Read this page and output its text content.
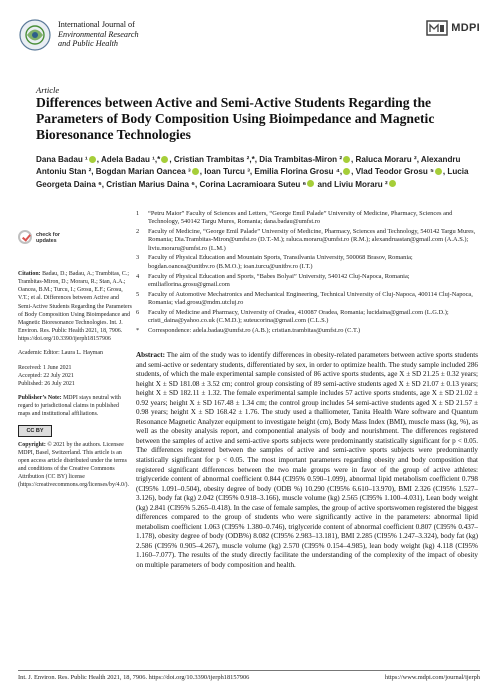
International Journal of
Environmental Research
and Public Health
MDPI
Article
Differences between Active and Semi-Active Students Regarding the Parameters of Body Composition Using Bioimpedance and Magnetic Bioresonance Technologies
Dana Badau ¹ , Adela Badau ¹,* , Cristian Trambitas ²,*, Dia Trambitas-Miron ² , Raluca Moraru ², Alexandru Antoniu Stan ², Bogdan Marian Oancea ³ , Ioan Turcu ³, Emilia Florina Grosu ⁴, , Vlad Teodor Grosu ⁵ , Lucia Georgeta Daina ⁶, Cristian Marius Daina ⁶, Corina Lacramioara Suteu ⁶ and Liviu Moraru ²
check for
updates
Citation: Badau, D.; Badau, A.; Trambitas, C.; Trambitas-Miron, D.; Moraru, R.; Stan, A.A.; Oancea, B.M.; Turcu, I.; Grosu, E.F.; Grosu, V.T.; et al. Differences between Active and Semi-Active Students Regarding the Parameters of Body Composition Using Bioimpedance and Magnetic Bioresonance Technologies. Int. J. Environ. Res. Public Health 2021, 18, 7906. https://doi.org/10.3390/ijerph18157906
Academic Editor: Laura L. Hayman
Received: 1 June 2021
Accepted: 22 July 2021
Published: 26 July 2021
Publisher’s Note: MDPI stays neutral with regard to jurisdictional claims in published maps and institutional affiliations.
CC BY
Copyright: © 2021 by the authors. Licensee MDPI, Basel, Switzerland. This article is an open access article distributed under the terms and conditions of the Creative Commons Attribution (CC BY) license (https://creativecommons.org/licenses/by/4.0/).
1	“Petru Maior” Faculty of Sciences and Letters, “George Emil Palade” University of Medicine, Pharmacy, Sciences and Technology, 540142 Targu Mures, Romania; dana.badau@umfst.ro
2	Faculty of Medicine, “George Emil Palade” University of Medicine, Pharmacy, Sciences and Technology, 540142 Targu Mures, Romania; Dia.Trambitas-Miron@umfst.ro (D.T.-M.); raluca.moraru@umfst.ro (R.M.); alexandruastan@gmail.com (A.A.S.); liviu.moraru@umfst.ro (L.M.)
3	Faculty of Physical Education and Mountain Sports, Transilvania University, 500068 Brasov, Romania; bogdan.oancea@unitbv.ro (B.M.O.); ioan.turcu@unitbv.ro (I.T.)
4	Faculty of Physical Education and Sports, “Babes Bolyai” University, 540142 Cluj-Napoca, Romania; emiliaflorina.grosu@gmail.com
5	Faculty of Automotive Mechatronics and Mechanical Engineering, Technical University of Cluj-Napoca, 400114 Cluj-Napoca, Romania; vlad.grosu@mdm.utcluj.ro
6	Faculty of Medicine and Pharmacy, University of Oradea, 410087 Oradea, Romania; lucidaina@gmail.com (L.G.D.); cristi_daina@yahoo.co.uk (C.M.D.); suteucorina@gmail.com (C.L.S.)
*	Correspondence: adela.badau@umfst.ro (A.B.); cristian.trambitas@umfst.ro (C.T.)
Abstract: The aim of the study was to identify differences in obesity-related parameters between active sports students and semi-active or sedentary students, differentiated by sex, in order to optimize health. The study sample included 286 students, of which the male experimental sample consisted of 86 active sports students, age X ± SD 21.25 ± 0.32 years; height X ± SD 181.08 ± 3.52 cm; control group consisting of 89 semi-active students aged X ± SD 21.07 ± 0.13 years; height X ± SD 182.11 ± 1.32. The female experimental sample includes 57 active sports students, age X ± SD 21.02 ± 0.92 years; height X ± SD 167.48 ± 1.34 cm; the control group includes 54 semi-active students aged X ± SD 21.57 ± 0.98 years; height X ± SD 168.42 ± 1.76. The study used a thalliometer, Tanita Health Ware software and Quantum Resonance Magnetic Analyzer equipment to investigate height (cm), Body Mass Index (BMI), muscle mass (kg, %), as well as the obesity analysis report, and componential analysis of body and nourishment. The differences registered between the samples of active and semi-active sports subjects were predominantly statistically significant for p < 0.05. The differences registered between the samples of active and semi-active sports subjects were predominantly statistically significant for p < 0.05. The most important parameters regarding obesity and body composition that registered significant differences between the two male groups were in favor of the group of active athletes: triglyceride content of abnormal coefficient 0.844 (CI95% 0.590–1.099), abnormal lipid metabolism coefficient 0.798 (CI95% 1.091–0.504), obesity degree of body (ODB %) 10.290 (CI95% 6.610–13.970), BMI 2.326 (CI95% 1.527–3.126), body fat (kg) 2.042 (CI95% 0.918–3.166), muscle volume (kg) 2.565 (CI95% 1.100–4.031), Lean body weight (kg) 2.841 (CI95% 5.265–0.418). In the case of female samples, the group of active sportswomen registered the biggest differences compared to the group of students who were significantly active in the parameters: abnormal lipid metabolism coefficient 1.063 (CI95% 1.380–0.746), triglyceride content of abnormal coefficient 0.807 (CI95% 0.437–1.178), obesity degree of body (ODB%) 8.082 (CI95% 2.983–13.181), BMI 2.285 (CI95% 1.247–3.324), body fat (kg) 2.586 (CI95% 0.905–4.267), muscle volume (kg) 2.570 (CI95% 0.154–4.985), lean body weight (kg) 4.118 (CI95% 1.160–7.077). The results of the study directly facilitate the understanding of the complexity of the impact of obesity on multiple parameters of body composition and health.
Int. J. Environ. Res. Public Health 2021, 18, 7906. https://doi.org/10.3390/ijerph18157906	https://www.mdpi.com/journal/ijerph
